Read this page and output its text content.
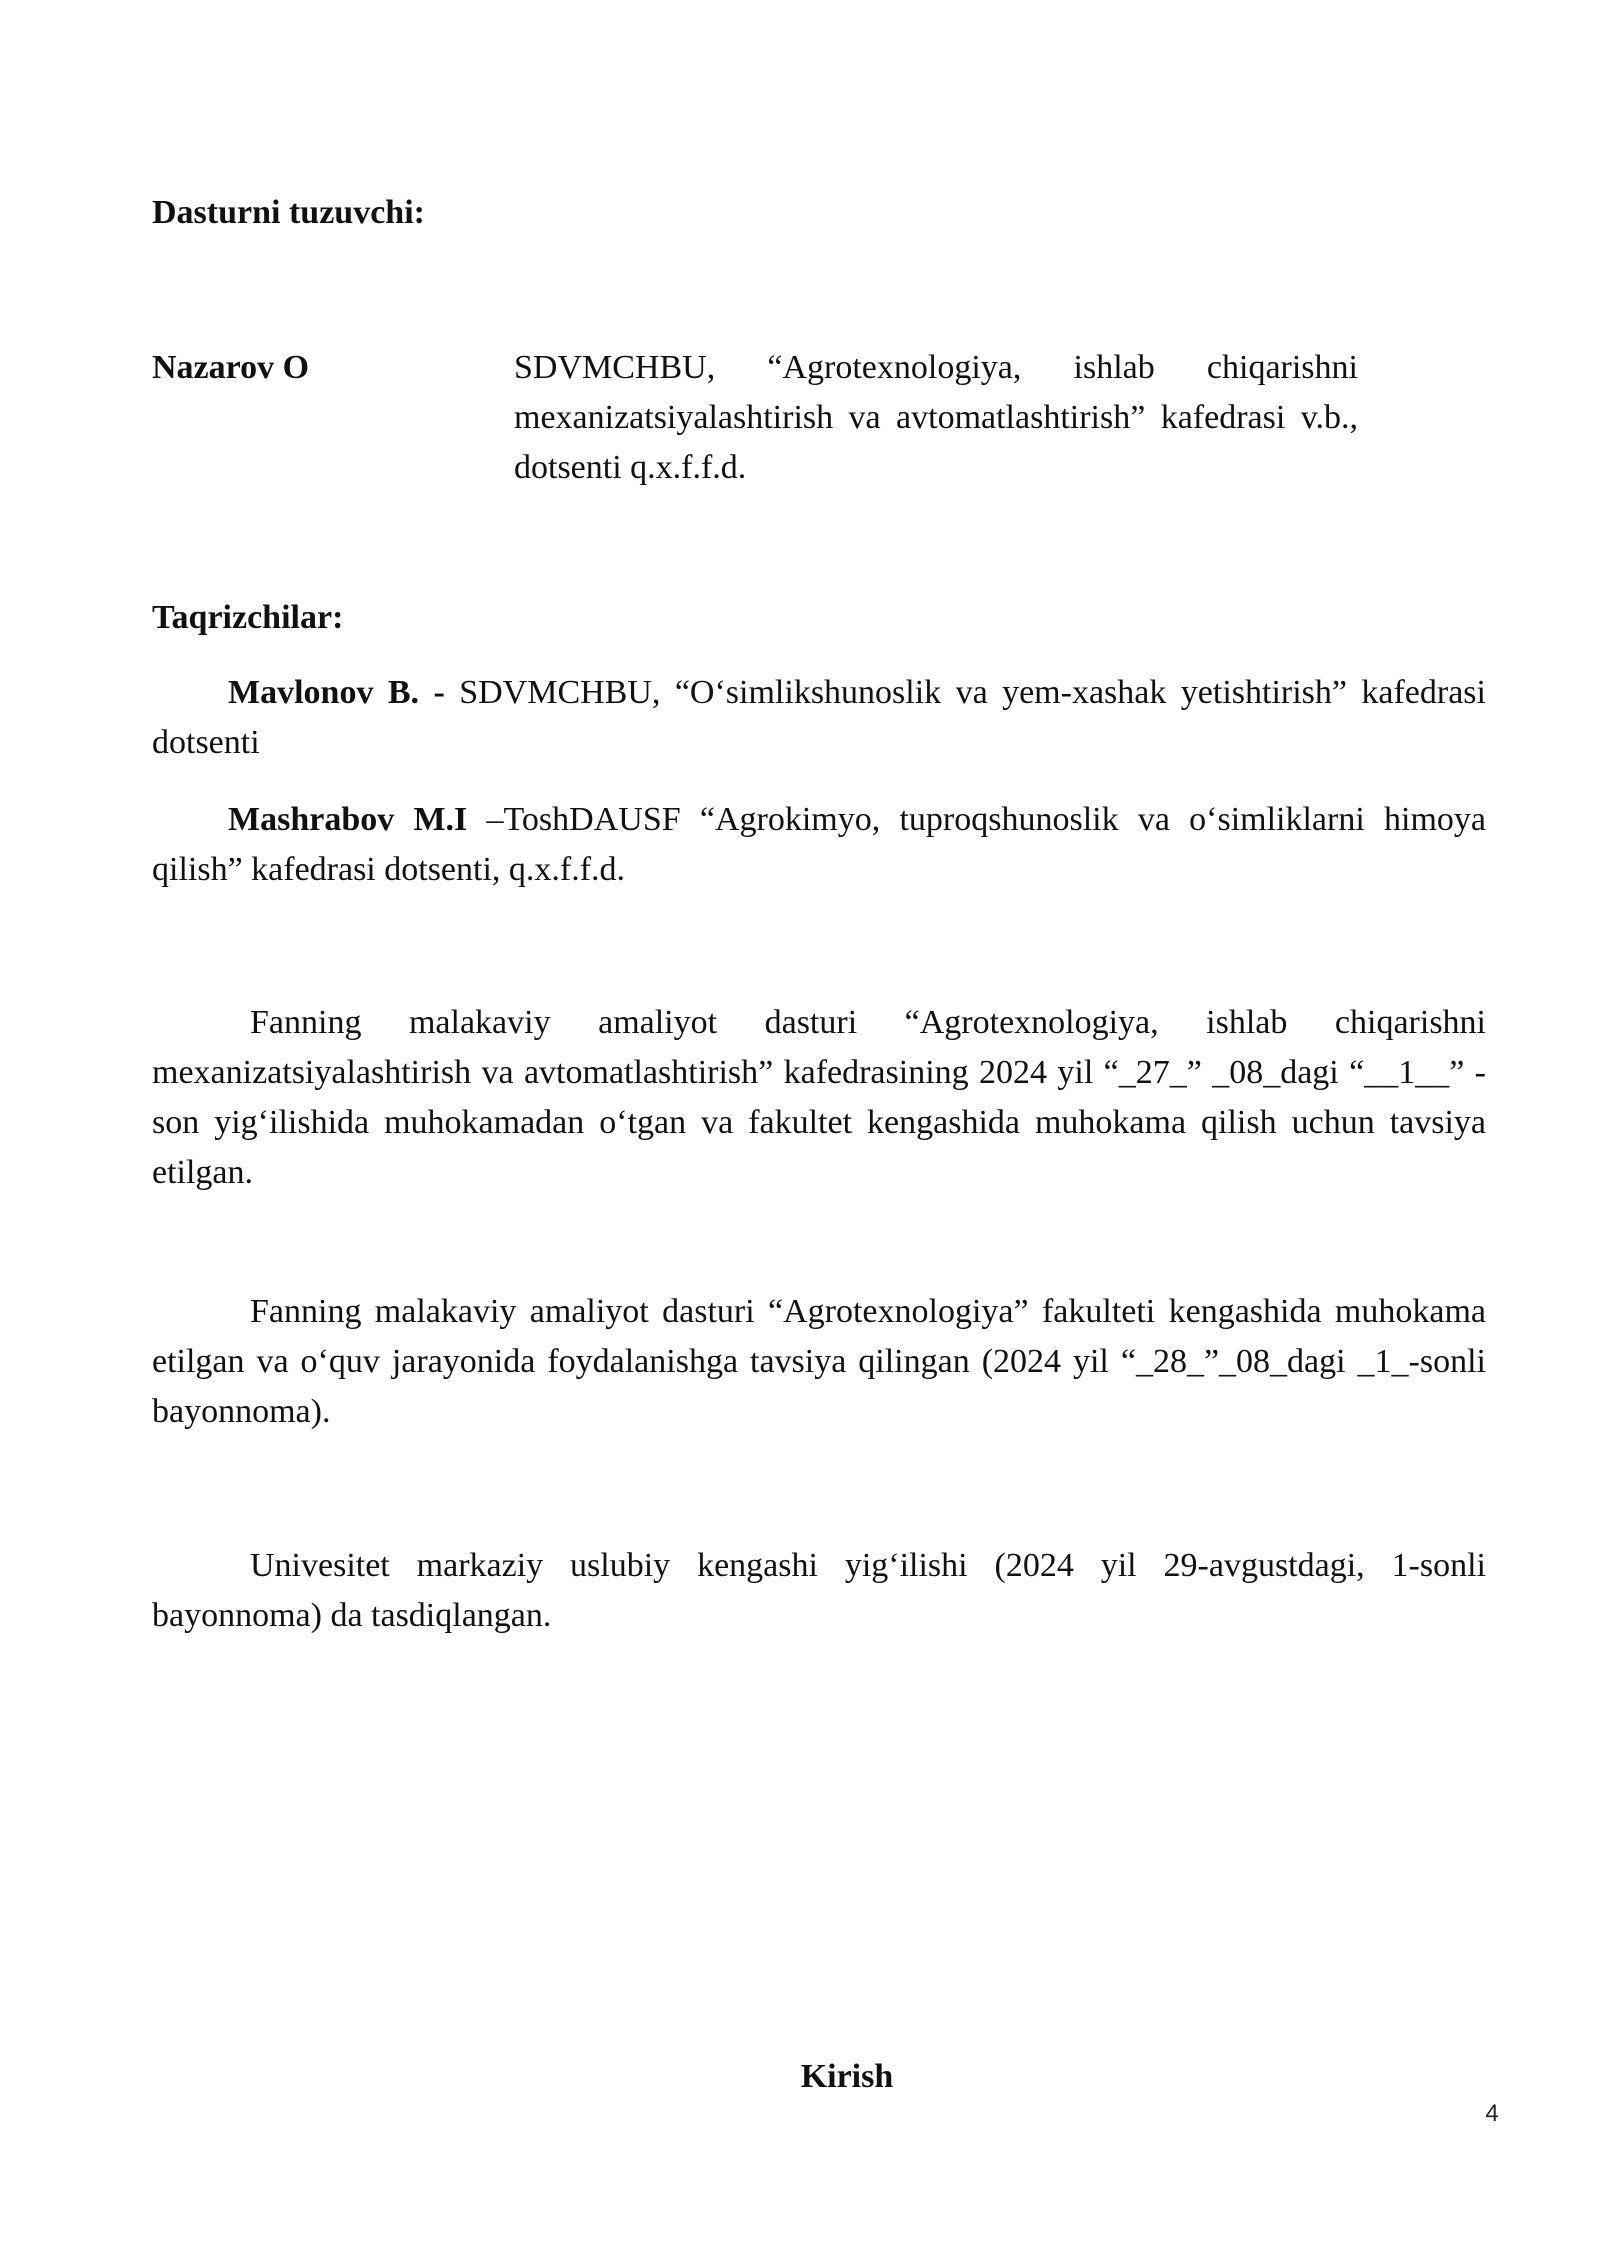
Dasturni tuzuvchi:
Nazarov O	SDVMCHBU, “Agrotexnologiya, ishlab chiqarishni mexanizatsiyalashtirish va avtomatlashtirish” kafedrasi v.b., dotsenti q.x.f.f.d.
Taqrizchilar:
Mavlonov B. - SDVMCHBU, “O‘simlikshunoslik va yem-xashak yetishtirish” kafedrasi dotsenti
Mashrabov M.I –ToshDAUSF “Agrokimyo, tuproqshunoslik va o‘simliklarni himoya qilish” kafedrasi dotsenti, q.x.f.f.d.
Fanning malakaviy amaliyot dasturi “Agrotexnologiya, ishlab chiqarishni mexanizatsiyalashtirish va avtomatlashtirish” kafedrasining 2024 yil “_27_” _08_dagi “__1__” - son yig‘ilishida muhokamadan o‘tgan va fakultet kengashida muhokama qilish uchun tavsiya etilgan.
Fanning malakaviy amaliyot dasturi “Agrotexnologiya” fakulteti kengashida muhokama etilgan va o‘quv jarayonida foydalanishga tavsiya qilingan (2024 yil “_28_”_08_dagi _1_-sonli bayonnoma).
Univesitet markaziy uslubiy kengashi yig‘ilishi (2024 yil 29-avgustdagi, 1-sonli bayonnoma) da tasdiqlangan.
Kirish
4
